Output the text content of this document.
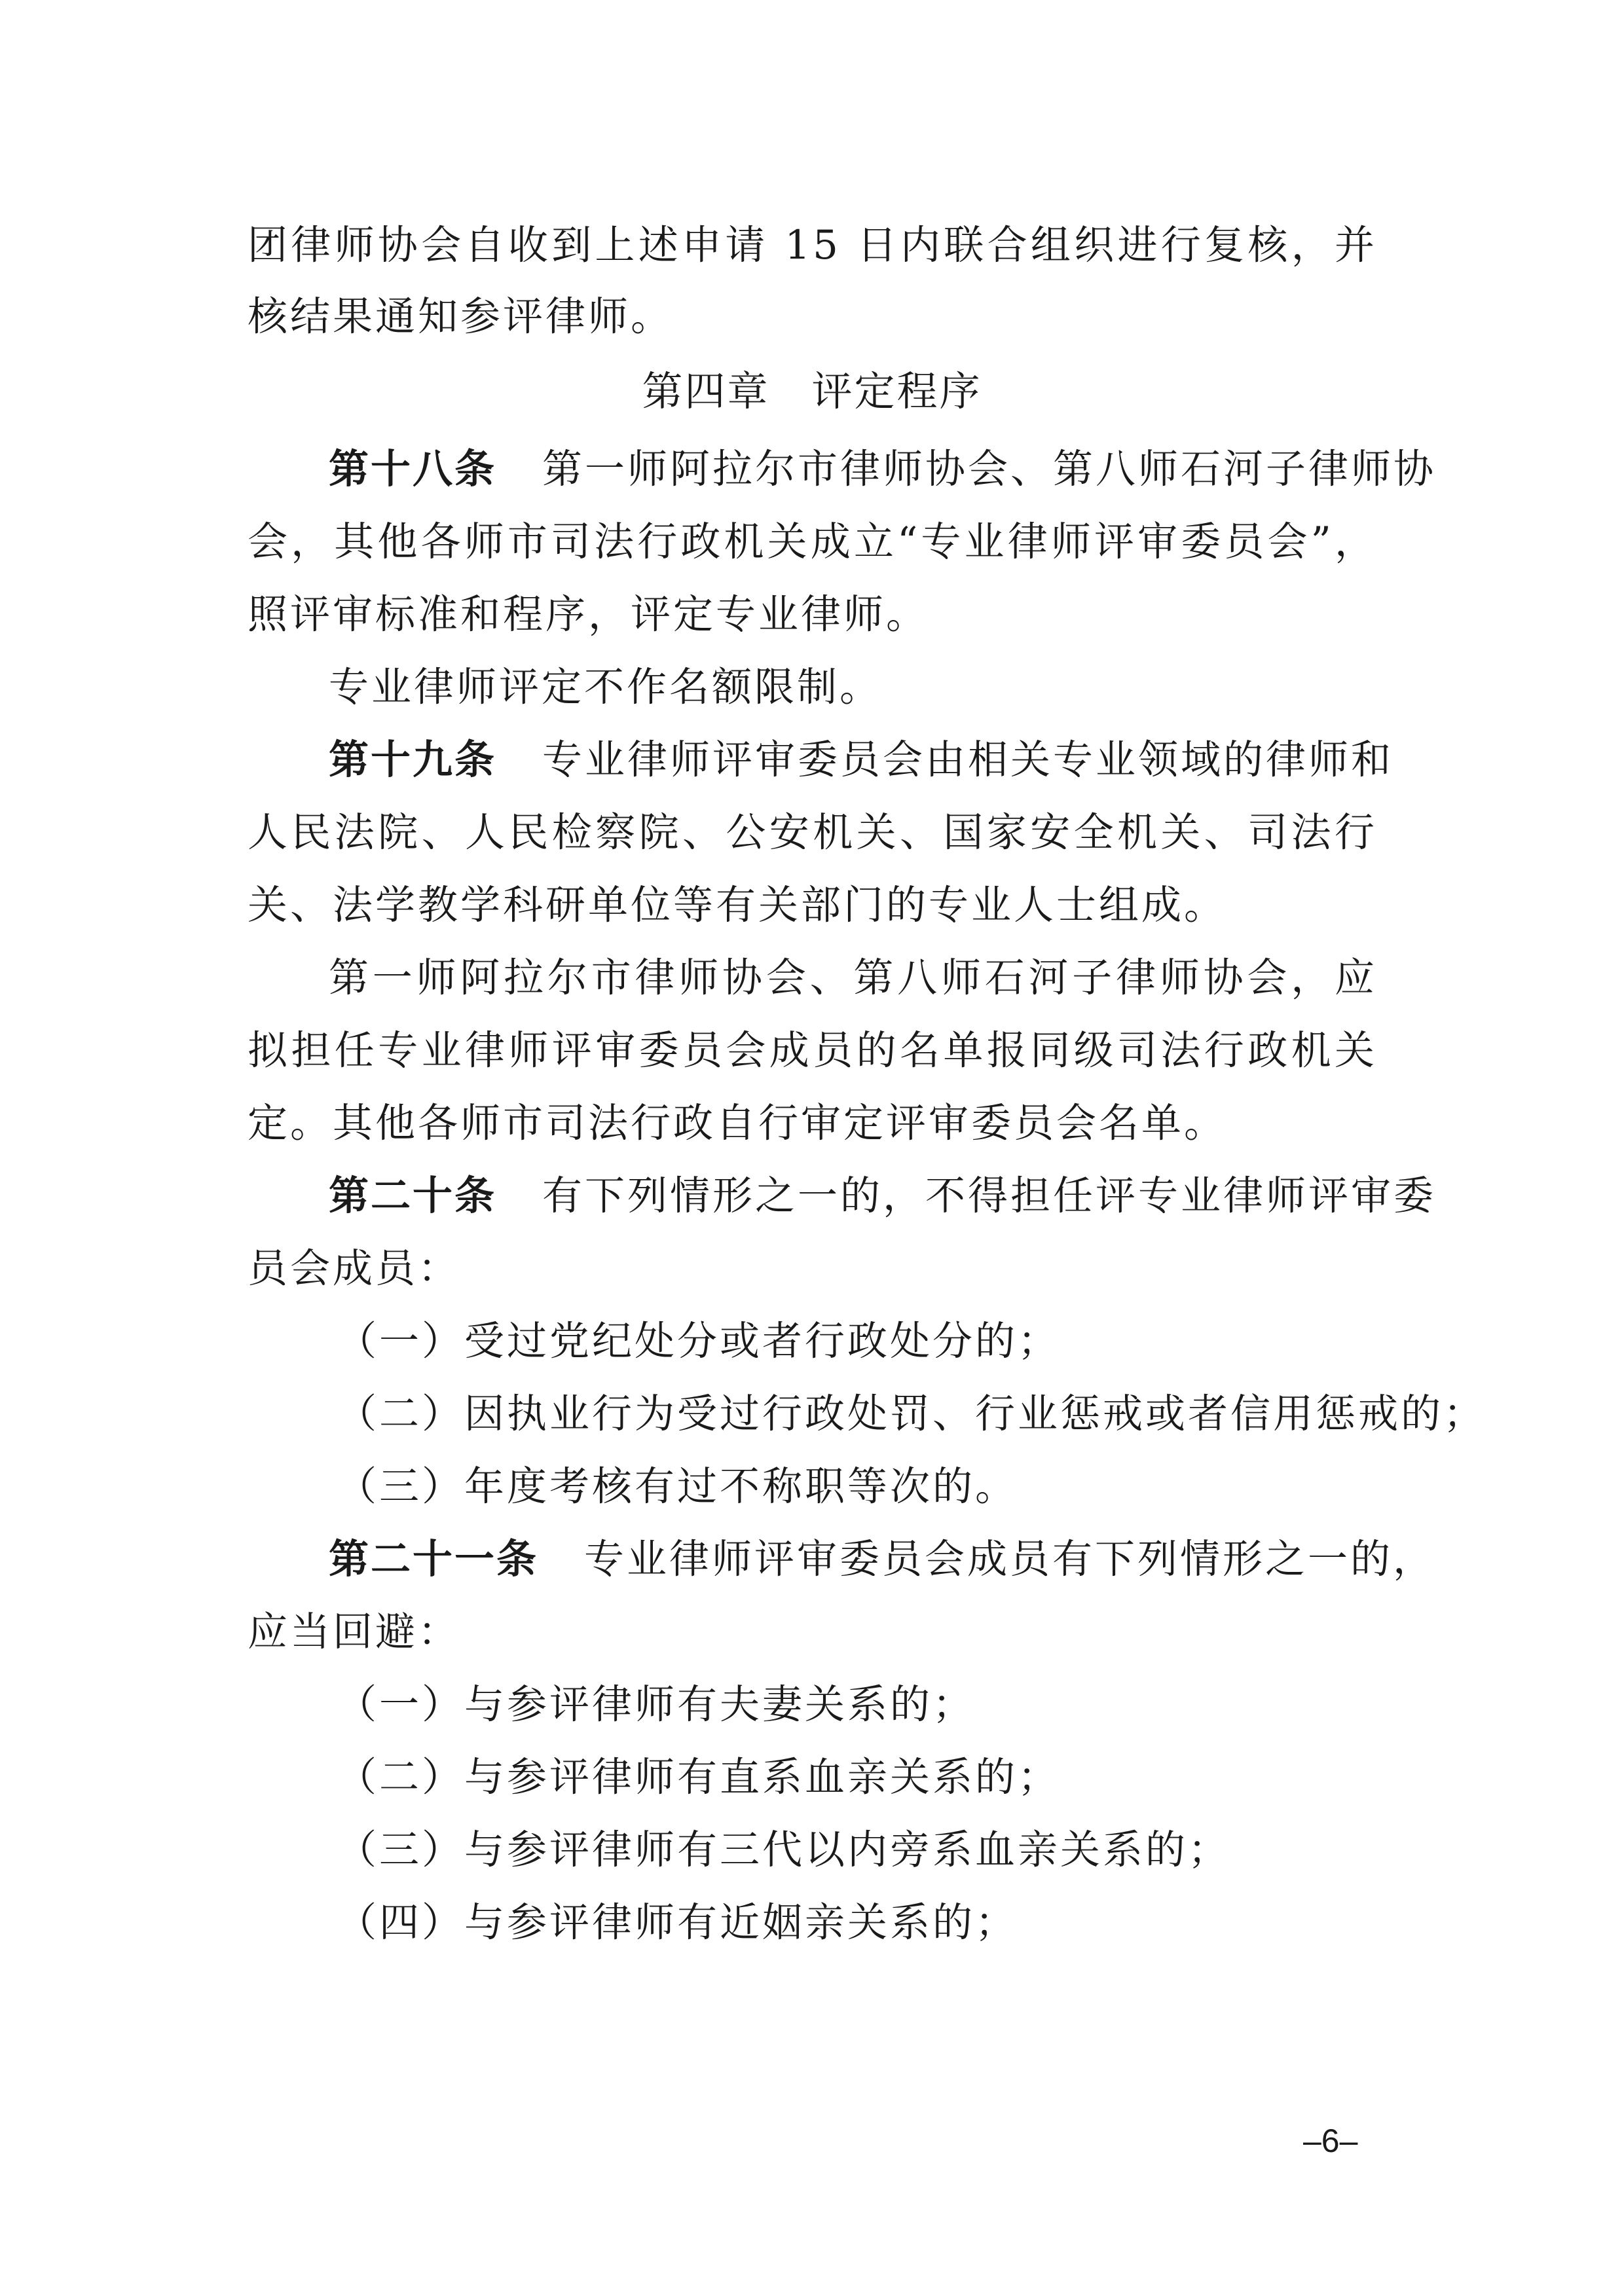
团律师协会自收到上述申请 15 日内联合组织进行复核，并
核结果通知参评律师。
第四章 评定程序
第十八条 第一师阿拉尔市律师协会、第八师石河子律师协
会，其他各师市司法行政机关成立“专业律师评审委员会”，
照评审标准和程序，评定专业律师。
专业律师评定不作名额限制。
第十九条 专业律师评审委员会由相关专业领域的律师和
人民法院、人民检察院、公安机关、国家安全机关、司法行
关、法学教学科研单位等有关部门的专业人士组成。
第一师阿拉尔市律师协会、第八师石河子律师协会，应
拟担任专业律师评审委员会成员的名单报同级司法行政机关
定。其他各师市司法行政自行审定评审委员会名单。
第二十条 有下列情形之一的，不得担任评专业律师评审委
员会成员：
（一）受过党纪处分或者行政处分的；
（二）因执业行为受过行政处罚、行业惩戒或者信用惩戒的；
（三）年度考核有过不称职等次的。
第二十一条 专业律师评审委员会成员有下列情形之一的，
应当回避：
（一）与参评律师有夫妻关系的；
（二）与参评律师有直系血亲关系的；
（三）与参评律师有三代以内旁系血亲关系的；
（四）与参评律师有近姻亲关系的；
–6–
